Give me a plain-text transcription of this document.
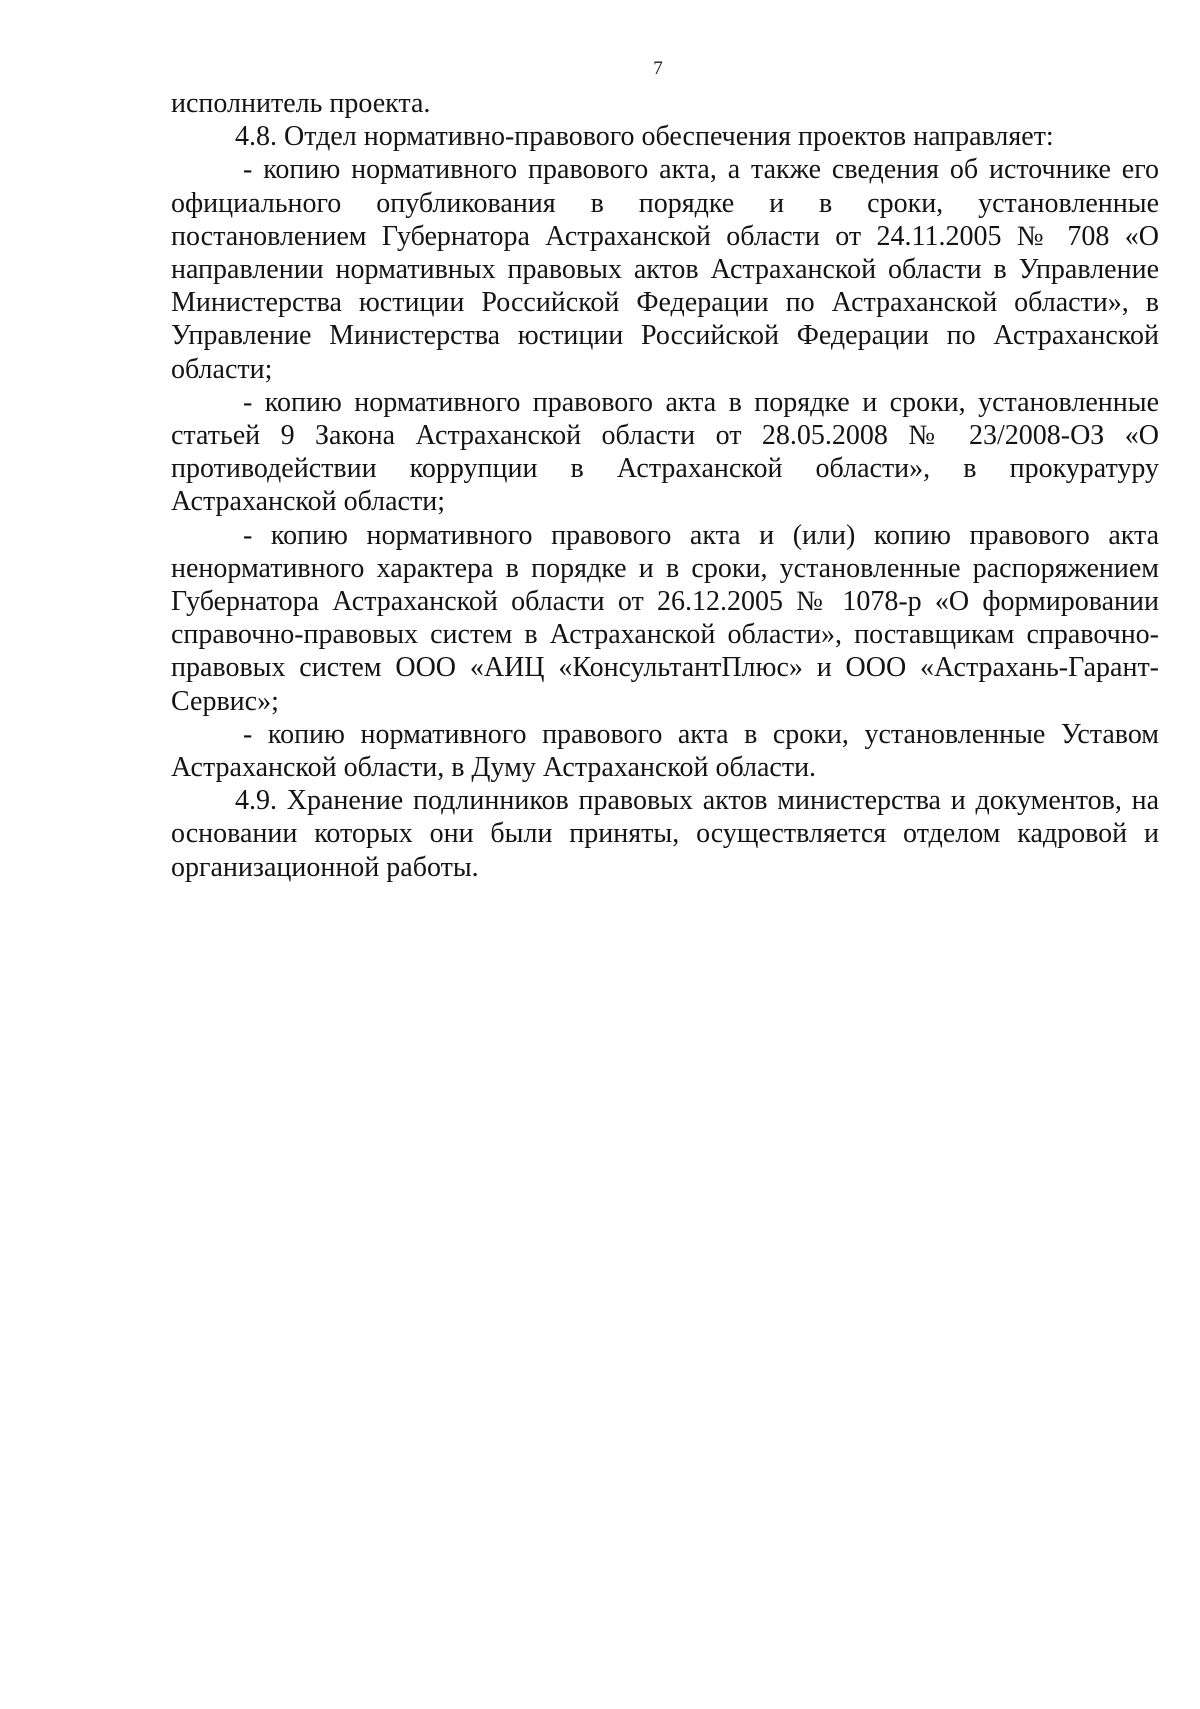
7

исполнитель проекта.

4.8. Отдел нормативно-правового обеспечения проектов направляет:

- копию нормативного правового акта, а также сведения об источнике его официального опубликования в порядке и в сроки, установленные постановлением Губернатора Астраханской области от 24.11.2005 № 708 «О направлении нормативных правовых актов Астраханской области в Управление Министерства юстиции Российской Федерации по Астраханской области», в Управление Министерства юстиции Российской Федерации по Астраханской области;

- копию нормативного правового акта в порядке и сроки, установленные статьей 9 Закона Астраханской области от 28.05.2008 № 23/2008-ОЗ «О противодействии коррупции в Астраханской области», в прокуратуру Астраханской области;

- копию нормативного правового акта и (или) копию правового акта ненормативного характера в порядке и в сроки, установленные распоряжением Губернатора Астраханской области от 26.12.2005 № 1078-р «О формировании справочно-правовых систем в Астраханской области», поставщикам справочно-правовых систем ООО «АИЦ «КонсультантПлюс» и ООО «Астрахань-Гарант-Сервис»;

- копию нормативного правового акта в сроки, установленные Уставом Астраханской области, в Думу Астраханской области.

4.9. Хранение подлинников правовых актов министерства и документов, на основании которых они были приняты, осуществляется отделом кадровой и организационной работы.
